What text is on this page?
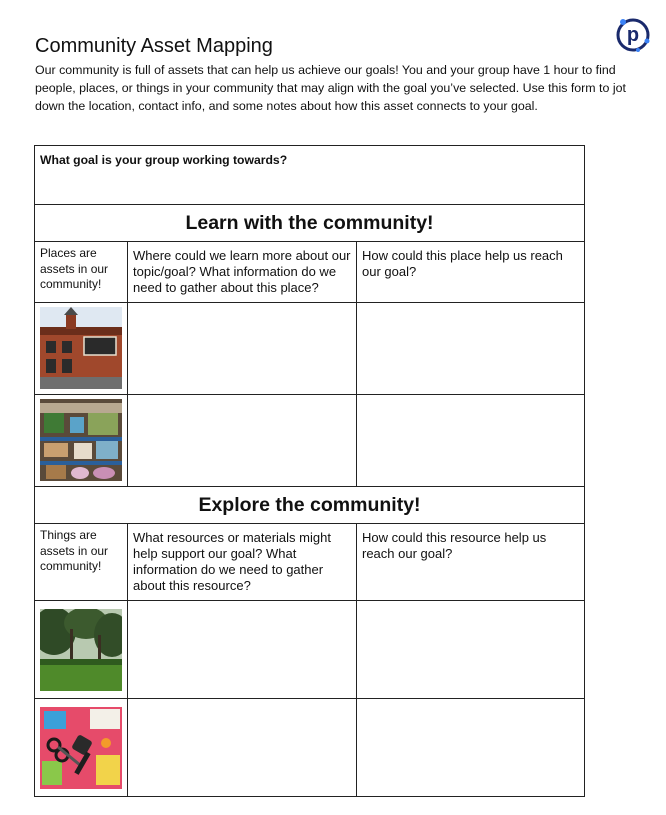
p
Community Asset Mapping

Our community is full of assets that can help us achieve our goals! You and your group have 1 hour to find people, places, or things in your community that may align with the goal you’ve selected. Use this form to jot down the location, contact info, and some notes about how this asset connects to your goal.

What goal is your group working towards?		
Learn with the community!		
Places are assets in our community!	Where could we learn more about our topic/goal? What information do we need to gather about this place?	How could this place help us reach our goal?

Explore the community!		
Things are assets in our community!	What resources or materials might help support our goal? What information do we need to gather about this resource?	How could this resource help us reach our goal?
